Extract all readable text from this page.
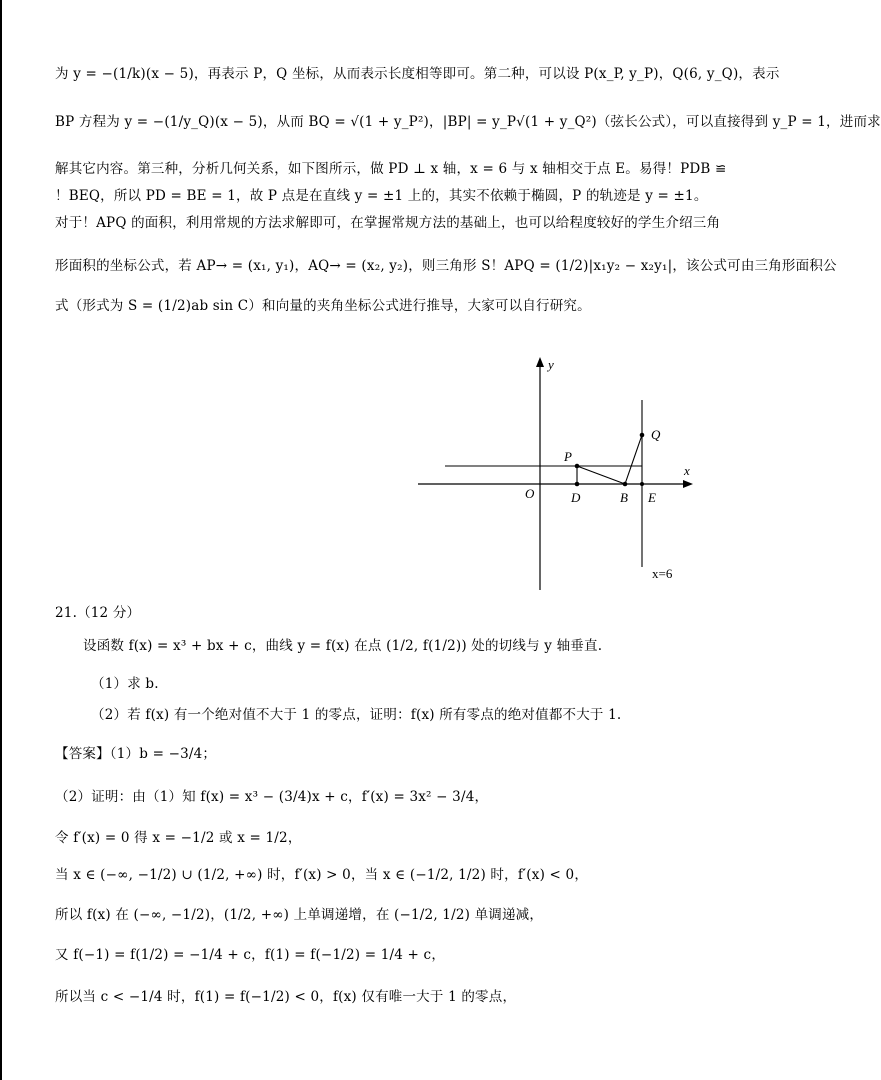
为 y = −(1/k)(x − 5)，再表示 P，Q 坐标，从而表示长度相等即可。第二种，可以设 P(x_P, y_P)，Q(6, y_Q)，表示
BP 方程为 y = −(1/y_Q)(x − 5)，从而 BQ = √(1 + y_P²)，|BP| = y_P√(1 + y_Q²)（弦长公式），可以直接得到 y_P = 1，进而求
解其它内容。第三种，分析几何关系，如下图所示，做 PD ⊥ x 轴，x = 6 与 x 轴相交于点 E。易得！PDB ≌
！BEQ，所以 PD = BE = 1，故 P 点是在直线 y = ±1 上的，其实不依赖于椭圆，P 的轨迹是 y = ±1。
对于！APQ 的面积，利用常规的方法求解即可，在掌握常规方法的基础上，也可以给程度较好的学生介绍三角
形面积的坐标公式，若 AP→ = (x₁, y₁)，AQ→ = (x₂, y₂)，则三角形 S！APQ = (1/2)|x₁y₂ − x₂y₁|，该公式可由三角形面积公
式（形式为 S = (1/2)ab sin C）和向量的夹角坐标公式进行推导，大家可以自行研究。
y
x
O
P
Q
D	B E
x=6
21.（12 分）
设函数 f(x) = x³ + bx + c，曲线 y = f(x) 在点 (1/2, f(1/2)) 处的切线与 y 轴垂直.
（1）求 b.
（2）若 f(x) 有一个绝对值不大于 1 的零点，证明：f(x) 所有零点的绝对值都不大于 1.
【答案】（1）b = −3/4；
（2）证明：由（1）知 f(x) = x³ − (3/4)x + c，f′(x) = 3x² − 3/4，
令 f′(x) = 0 得 x = −1/2 或 x = 1/2，
当 x ∈ (−∞, −1/2) ∪ (1/2, +∞) 时，f′(x) > 0，当 x ∈ (−1/2, 1/2) 时，f′(x) < 0，
所以 f(x) 在 (−∞, −1/2)，(1/2, +∞) 上单调递增，在 (−1/2, 1/2) 单调递减，
又 f(−1) = f(1/2) = −1/4 + c，f(1) = f(−1/2) = 1/4 + c，
所以当 c < −1/4 时，f(1) = f(−1/2) < 0，f(x) 仅有唯一大于 1 的零点，
